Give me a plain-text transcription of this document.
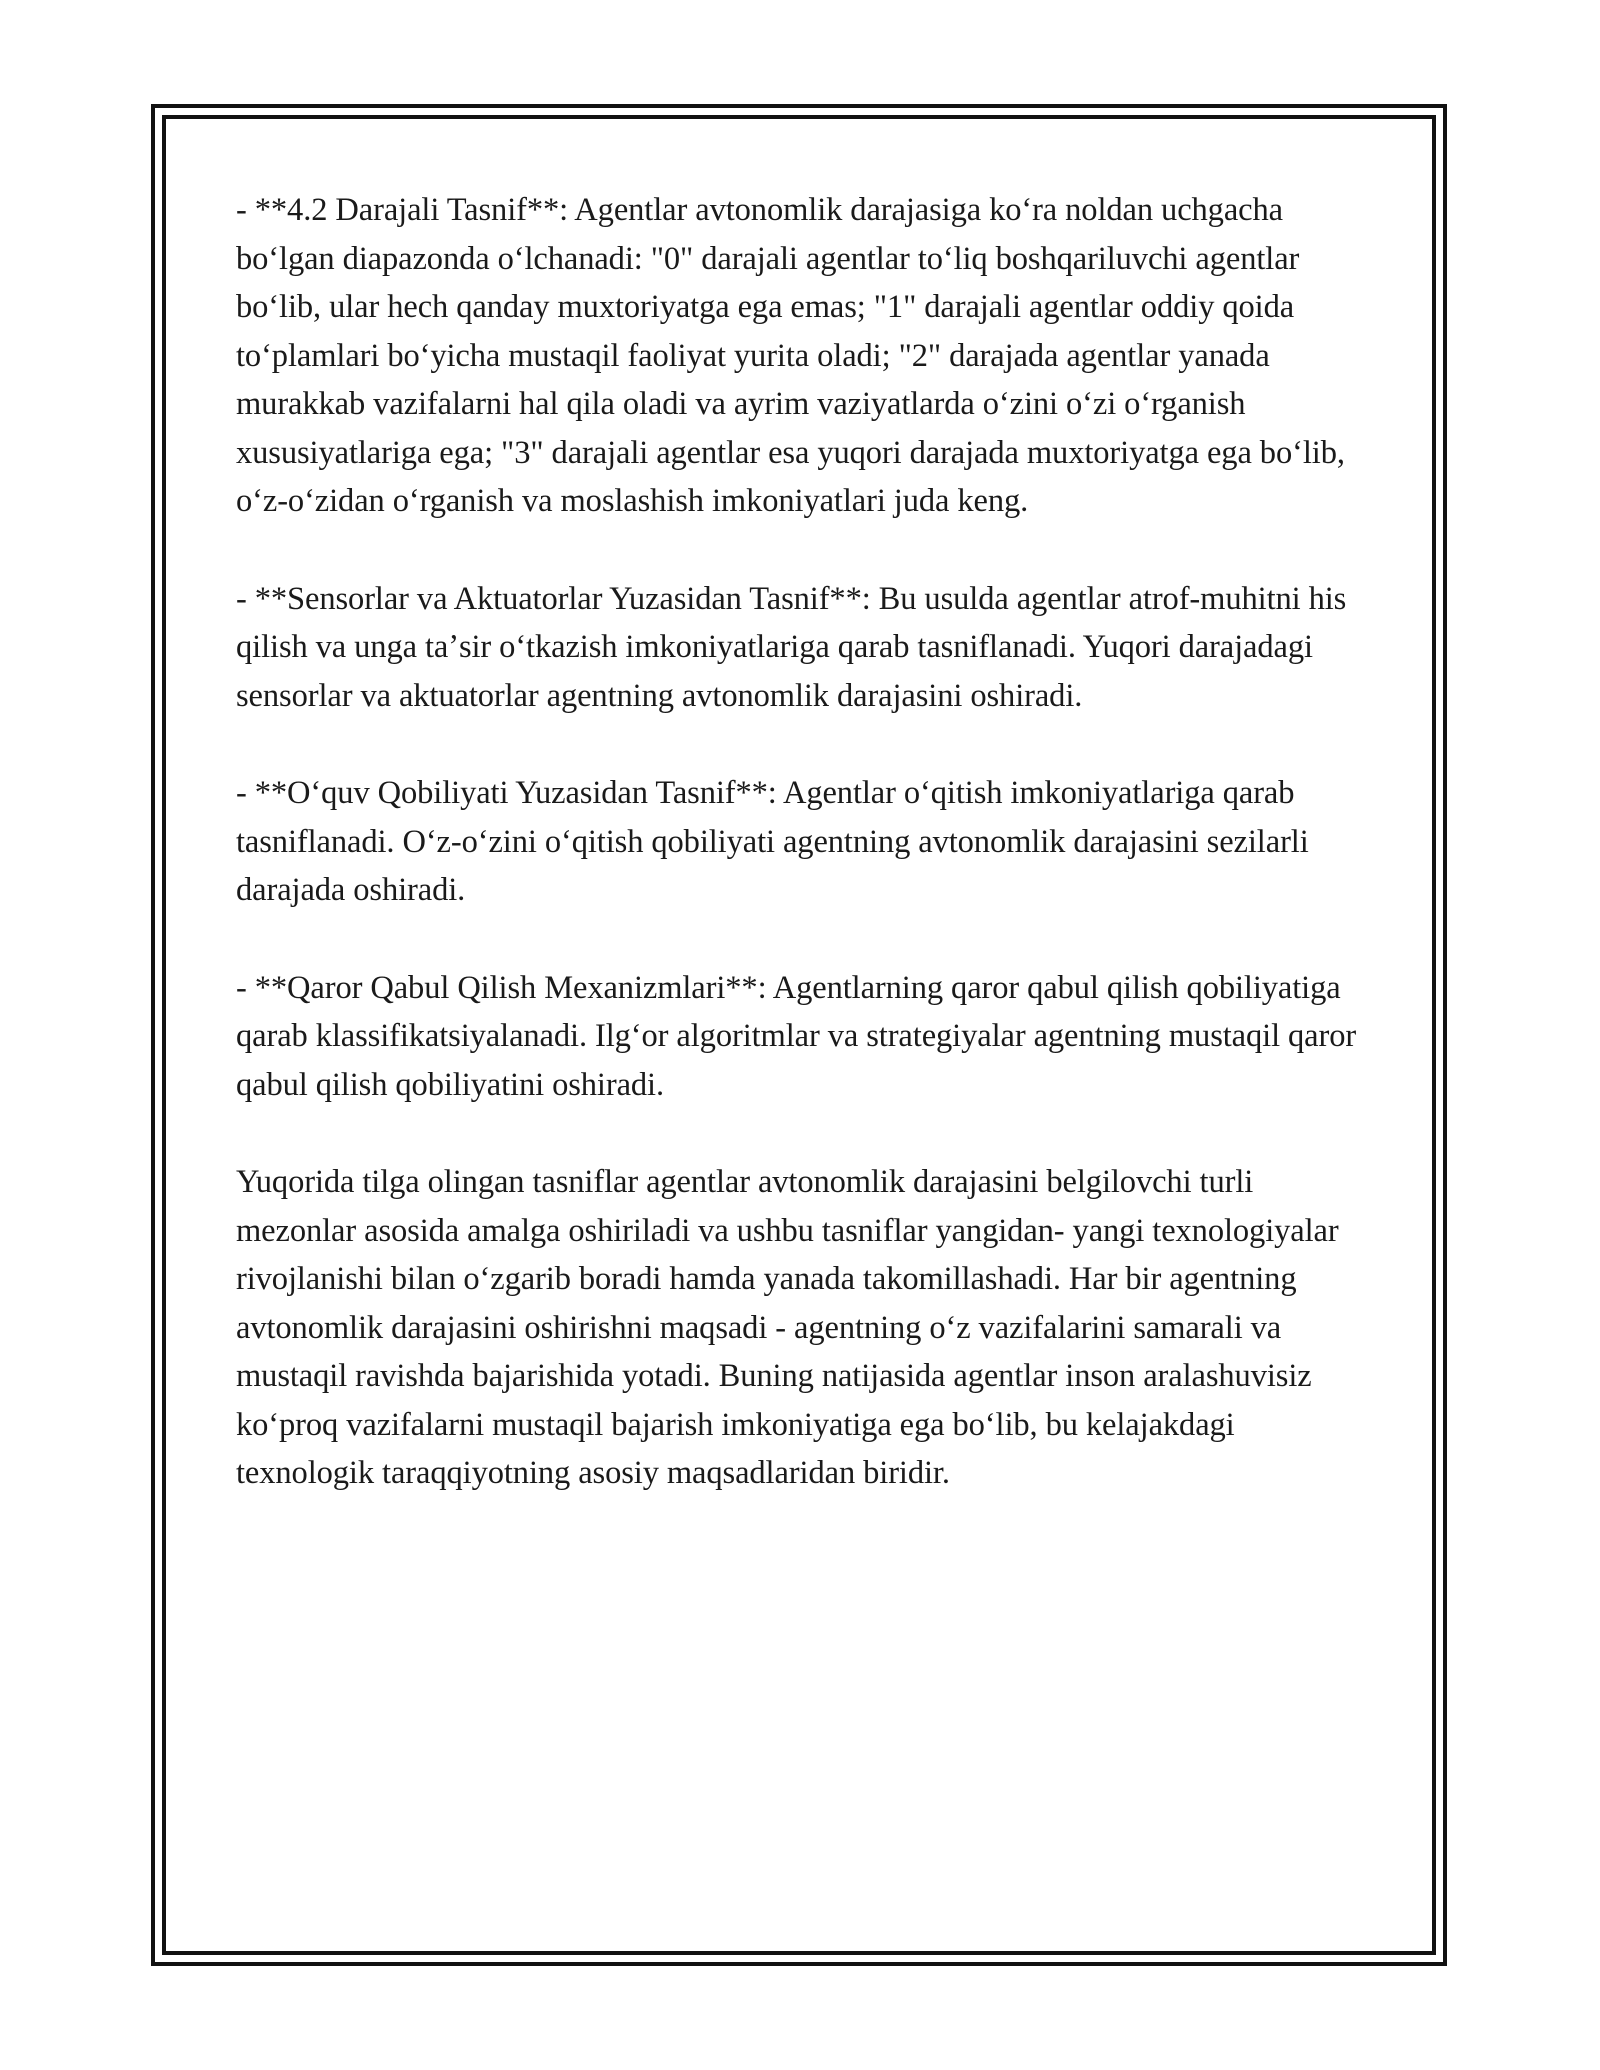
- **4.2 Darajali Tasnif**: Agentlar avtonomlik darajasiga koʻra noldan uchgacha boʻlgan diapazonda oʻlchanadi: "0" darajali agentlar toʻliq boshqariluvchi agentlar boʻlib, ular hech qanday muxtoriyatga ega emas; "1" darajali agentlar oddiy qoida toʻplamlari boʻyicha mustaqil faoliyat yurita oladi; "2" darajada agentlar yanada murakkab vazifalarni hal qila oladi va ayrim vaziyatlarda oʻzini oʻzi oʻrganish xususiyatlariga ega; "3" darajali agentlar esa yuqori darajada muxtoriyatga ega boʻlib, oʻz-oʻzidan oʻrganish va moslashish imkoniyatlari juda keng.

- **Sensorlar va Aktuatorlar Yuzasidan Tasnif**: Bu usulda agentlar atrof-muhitni his qilish va unga taʼsir oʻtkazish imkoniyatlariga qarab tasniflanadi. Yuqori darajadagi sensorlar va aktuatorlar agentning avtonomlik darajasini oshiradi.

- **Oʻquv Qobiliyati Yuzasidan Tasnif**: Agentlar oʻqitish imkoniyatlariga qarab tasniflanadi. Oʻz-oʻzini oʻqitish qobiliyati agentning avtonomlik darajasini sezilarli darajada oshiradi.

- **Qaror Qabul Qilish Mexanizmlari**: Agentlarning qaror qabul qilish qobiliyatiga qarab klassifikatsiyalanadi. Ilgʻor algoritmlar va strategiyalar agentning mustaqil qaror qabul qilish qobiliyatini oshiradi.

Yuqorida tilga olingan tasniflar agentlar avtonomlik darajasini belgilovchi turli mezonlar asosida amalga oshiriladi va ushbu tasniflar yangidan- yangi texnologiyalar rivojlanishi bilan oʻzgarib boradi hamda yanada takomillashadi. Har bir agentning avtonomlik darajasini oshirishni maqsadi - agentning oʻz vazifalarini samarali va mustaqil ravishda bajarishida yotadi. Buning natijasida agentlar inson aralashuvisiz koʻproq vazifalarni mustaqil bajarish imkoniyatiga ega boʻlib, bu kelajakdagi texnologik taraqqiyotning asosiy maqsadlaridan biridir.
